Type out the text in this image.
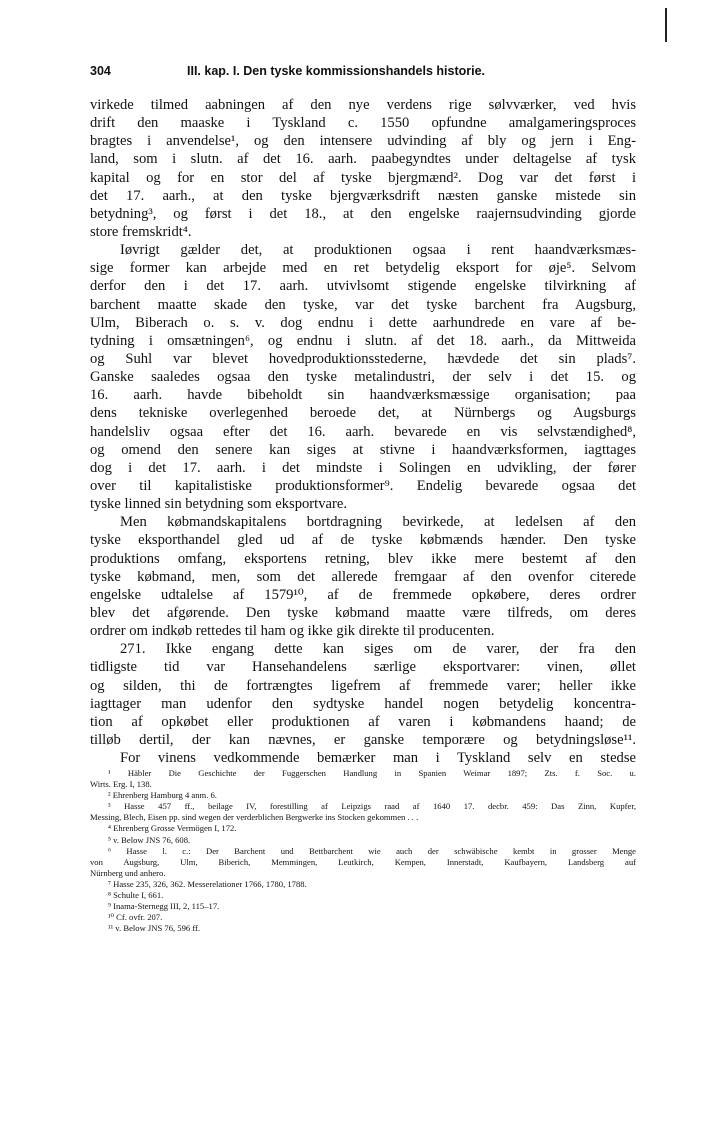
304	III. kap. I. Den tyske kommissionshandels historie.
virkede tilmed aabningen af den nye verdens rige sølvværker, ved hvis
drift den maaske i Tyskland c. 1550 opfundne amalgameringsproces
bragtes i anvendelse¹, og den intensere udvinding af bly og jern i Eng-
land, som i slutn. af det 16. aarh. paabegyndtes under deltagelse af tysk
kapital og for en stor del af tyske bjergmænd². Dog var det først i
det 17. aarh., at den tyske bjergværksdrift næsten ganske mistede sin
betydning³, og først i det 18., at den engelske raajernsudvinding gjorde
store fremskridt⁴.
Iøvrigt gælder det, at produktionen ogsaa i rent haandværksmæs-
sige former kan arbejde med en ret betydelig eksport for øje⁵. Selvom
derfor den i det 17. aarh. utvivlsomt stigende engelske tilvirkning af
barchent maatte skade den tyske, var det tyske barchent fra Augsburg,
Ulm, Biberach o. s. v. dog endnu i dette aarhundrede en vare af be-
tydning i omsætningen⁶, og endnu i slutn. af det 18. aarh., da Mittweida
og Suhl var blevet hovedproduktionsstederne, hævdede det sin plads⁷.
Ganske saaledes ogsaa den tyske metalindustri, der selv i det 15. og
16. aarh. havde bibeholdt sin haandværksmæssige organisation; paa
dens tekniske overlegenhed beroede det, at Nürnbergs og Augsburgs
handelsliv ogsaa efter det 16. aarh. bevarede en vis selvstændighed⁸,
og omend den senere kan siges at stivne i haandværksformen, iagttages
dog i det 17. aarh. i det mindste i Solingen en udvikling, der fører
over til kapitalistiske produktionsformer⁹. Endelig bevarede ogsaa det
tyske linned sin betydning som eksportvare.
Men købmandskapitalens bortdragning bevirkede, at ledelsen af den
tyske eksporthandel gled ud af de tyske købmænds hænder. Den tyske
produktions omfang, eksportens retning, blev ikke mere bestemt af den
tyske købmand, men, som det allerede fremgaar af den ovenfor citerede
engelske udtalelse af 1579¹⁰, af de fremmede opkøbere, deres ordrer
blev det afgørende. Den tyske købmand maatte være tilfreds, om deres
ordrer om indkøb rettedes til ham og ikke gik direkte til producenten.
271. Ikke engang dette kan siges om de varer, der fra den
tidligste tid var Hansehandelens særlige eksportvarer: vinen, øllet
og silden, thi de fortrængtes ligefrem af fremmede varer; heller ikke
iagttager man udenfor den sydtyske handel nogen betydelig koncentra-
tion af opkøbet eller produktionen af varen i købmandens haand; de
tilløb dertil, der kan nævnes, er ganske temporære og betydningsløse¹¹.
For vinens vedkommende bemærker man i Tyskland selv en stedse
¹ Häbler Die Geschichte der Fuggerschen Handlung in Spanien Weimar 1897; Zts. f. Soc. u.
Wirts. Erg. I, 138.
² Ehrenberg Hamburg 4 anm. 6.
³ Hasse 457 ff., beilage IV, forestilling af Leipzigs raad af 1640 17. decbr. 459: Das Zinn, Kupfer,
Messing, Blech, Eisen pp. sind wegen der verderblichen Bergwerke ins Stocken gekommen . . .
⁴ Ehrenberg Grosse Vermögen I, 172.
⁵ v. Below JNS 76, 608.
⁶ Hasse l. c.: Der Barchent und Bettbarchent wie auch der schwäbische kembt in grosser Menge
von Augsburg, Ulm, Biberich, Memmingen, Leutkirch, Kempen, Innerstadt, Kaufbayern, Landsberg auf
Nürnberg und anhero.
⁷ Hasse 235, 326, 362. Messerelationer 1766, 1780, 1788.
⁸ Schulte I, 661.
⁹ Inama-Sternegg III, 2, 115–17.
¹⁰ Cf. ovfr. 207.
¹¹ v. Below JNS 76, 596 ff.
